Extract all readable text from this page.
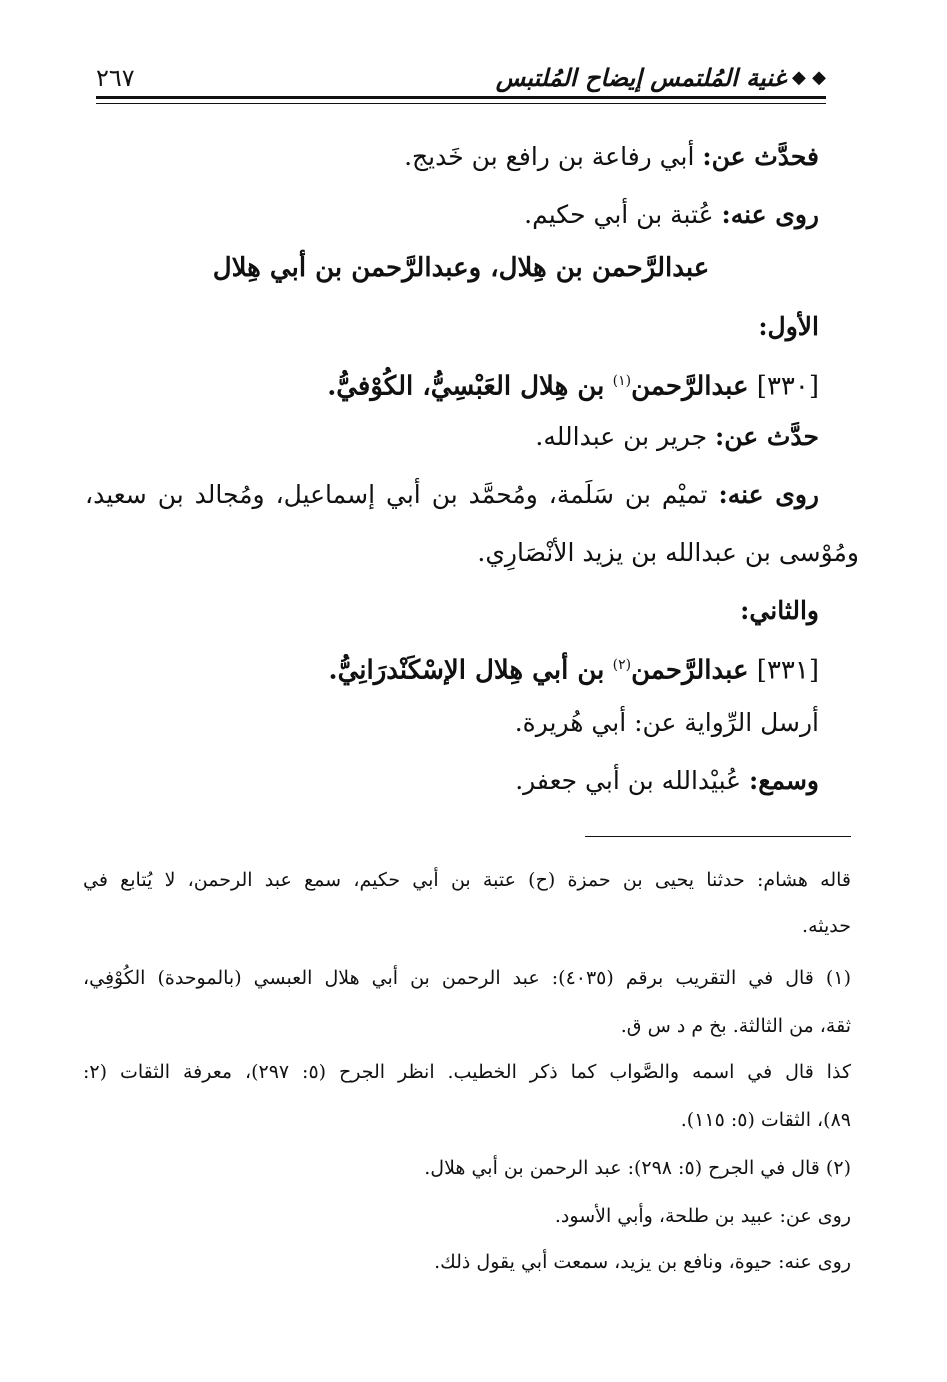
◆ ◆
غنية المُلتمس إيضاح المُلتبس
٢٦٧
فحدَّث عن: أبي رفاعة بن رافع بن خَديج.
روى عنه: عُتبة بن أبي حكيم.
عبدالرَّحمن بن هِلال، وعبدالرَّحمن بن أبي هِلال
الأول:
[٣٣٠] عبدالرَّحمن$^{(١)}$ بن هِلال العَبْسِيُّ، الكُوْفيُّ.
حدَّث عن: جرير بن عبدالله.
روى عنه: تميْم بن سَلَمة، ومُحمَّد بن أبي إسماعيل، ومُجالد بن سعيد،
ومُوْسى بن عبدالله بن يزيد الأنْصَارِي.
والثاني:
[٣٣١] عبدالرَّحمن$^{(٢)}$ بن أبي هِلال الإسْكَنْدرَانِيُّ.
أرسل الرِّواية عن: أبي هُريرة.
وسمع: عُبيْدالله بن أبي جعفر.
قاله هشام: حدثنا يحيى بن حمزة (ح) عتبة بن أبي حكيم، سمع عبد الرحمن، لا يُتابع في
حديثه.
(١) قال في التقريب برقم (٤٠٣٥): عبد الرحمن بن أبي هلال العبسي (بالموحدة) الكُوْفِي،
ثقة، من الثالثة. بخ م د س ق.
كذا قال في اسمه والصَّواب كما ذكر الخطيب. انظر الجرح (٥: ٢٩٧)، معرفة الثقات (٢:
٨٩)، الثقات (٥: ١١٥).
(٢) قال في الجرح (٥: ٢٩٨): عبد الرحمن بن أبي هلال.
روى عن: عبيد بن طلحة، وأبي الأسود.
روى عنه: حيوة، ونافع بن يزيد، سمعت أبي يقول ذلك.
